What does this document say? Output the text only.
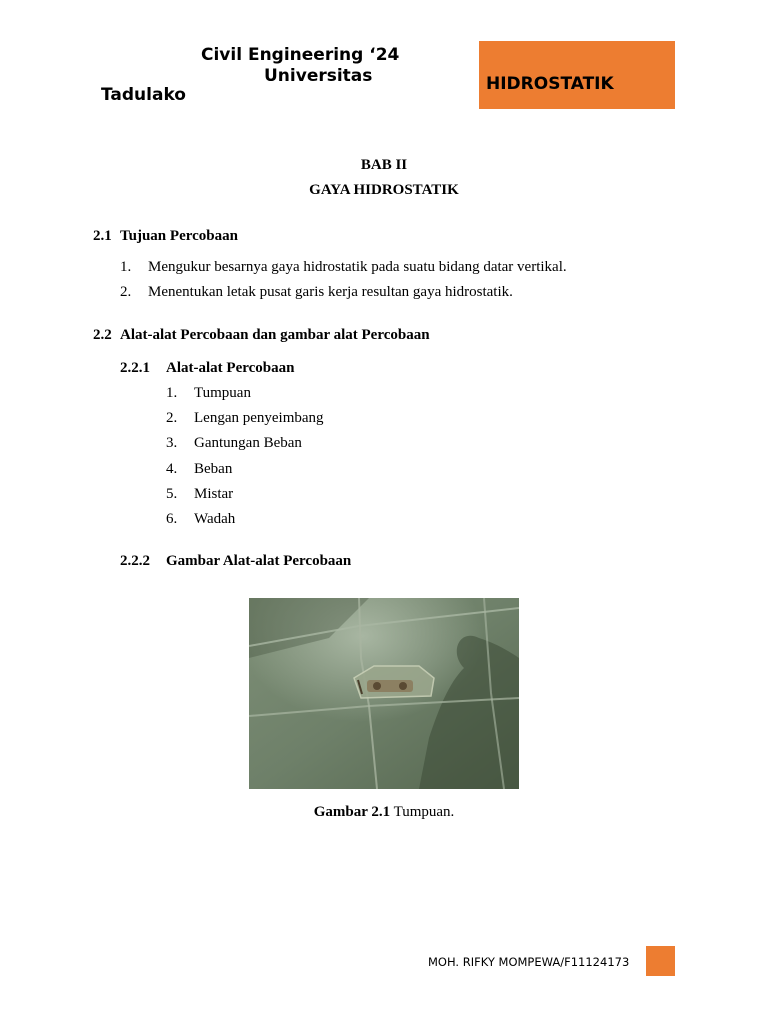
Civil Engineering ‘24
Universitas
Tadulako
HIDROSTATIK
BAB II
GAYA HIDROSTATIK
2.1 Tujuan Percobaan
1. Mengukur besarnya gaya hidrostatik pada suatu bidang datar vertikal.
2. Menentukan letak pusat garis kerja resultan gaya hidrostatik.
2.2 Alat-alat Percobaan dan gambar alat Percobaan
2.2.1 Alat-alat Percobaan
1. Tumpuan
2. Lengan penyeimbang
3. Gantungan Beban
4. Beban
5. Mistar
6. Wadah
2.2.2 Gambar Alat-alat Percobaan
Gambar 2.1 Tumpuan.
MOH. RIFKY MOMPEWA/F11124173
